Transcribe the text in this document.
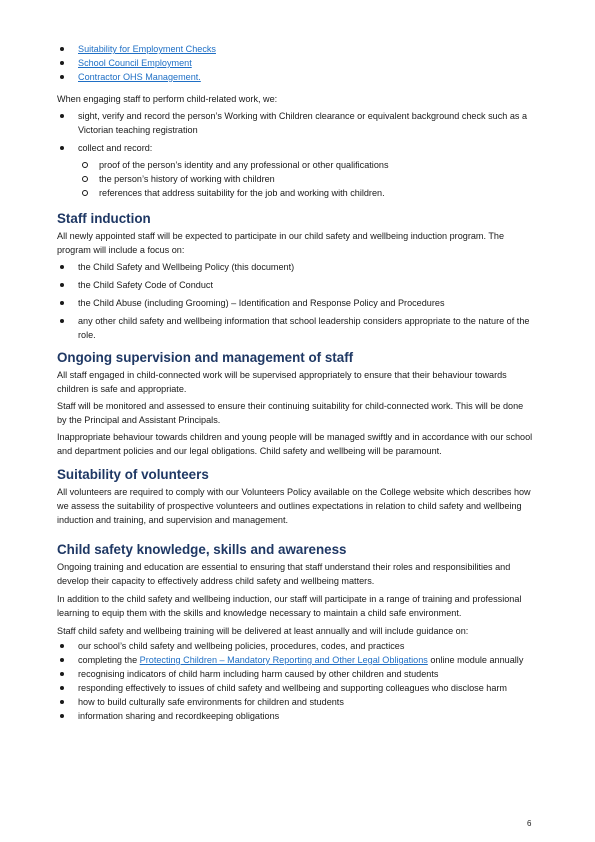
Suitability for Employment Checks
School Council Employment
Contractor OHS Management.

When engaging staff to perform child-related work, we:

sight, verify and record the person’s Working with Children clearance or equivalent background check such as a Victorian teaching registration
collect and record:
proof of the person’s identity and any professional or other qualifications
the person’s history of working with children
references that address suitability for the job and working with children.
Staff induction

All newly appointed staff will be expected to participate in our child safety and wellbeing induction program. The program will include a focus on:

the Child Safety and Wellbeing Policy (this document)
the Child Safety Code of Conduct
the Child Abuse (including Grooming) – Identification and Response Policy and Procedures
any other child safety and wellbeing information that school leadership considers appropriate to the nature of the role.
Ongoing supervision and management of staff

All staff engaged in child-connected work will be supervised appropriately to ensure that their behaviour towards children is safe and appropriate.

Staff will be monitored and assessed to ensure their continuing suitability for child-connected work. This will be done by the Principal and Assistant Principals.

Inappropriate behaviour towards children and young people will be managed swiftly and in accordance with our school and department policies and our legal obligations. Child safety and wellbeing will be paramount.

Suitability of volunteers

All volunteers are required to comply with our Volunteers Policy available on the College website which describes how we assess the suitability of prospective volunteers and outlines expectations in relation to child safety and wellbeing induction and training, and supervision and management.

Child safety knowledge, skills and awareness

Ongoing training and education are essential to ensuring that staff understand their roles and responsibilities and develop their capacity to effectively address child safety and wellbeing matters.

In addition to the child safety and wellbeing induction, our staff will participate in a range of training and professional learning to equip them with the skills and knowledge necessary to maintain a child safe environment.

Staff child safety and wellbeing training will be delivered at least annually and will include guidance on:

our school’s child safety and wellbeing policies, procedures, codes, and practices
completing the Protecting Children – Mandatory Reporting and Other Legal Obligations online module annually
recognising indicators of child harm including harm caused by other children and students
responding effectively to issues of child safety and wellbeing and supporting colleagues who disclose harm
how to build culturally safe environments for children and students
information sharing and recordkeeping obligations
6
